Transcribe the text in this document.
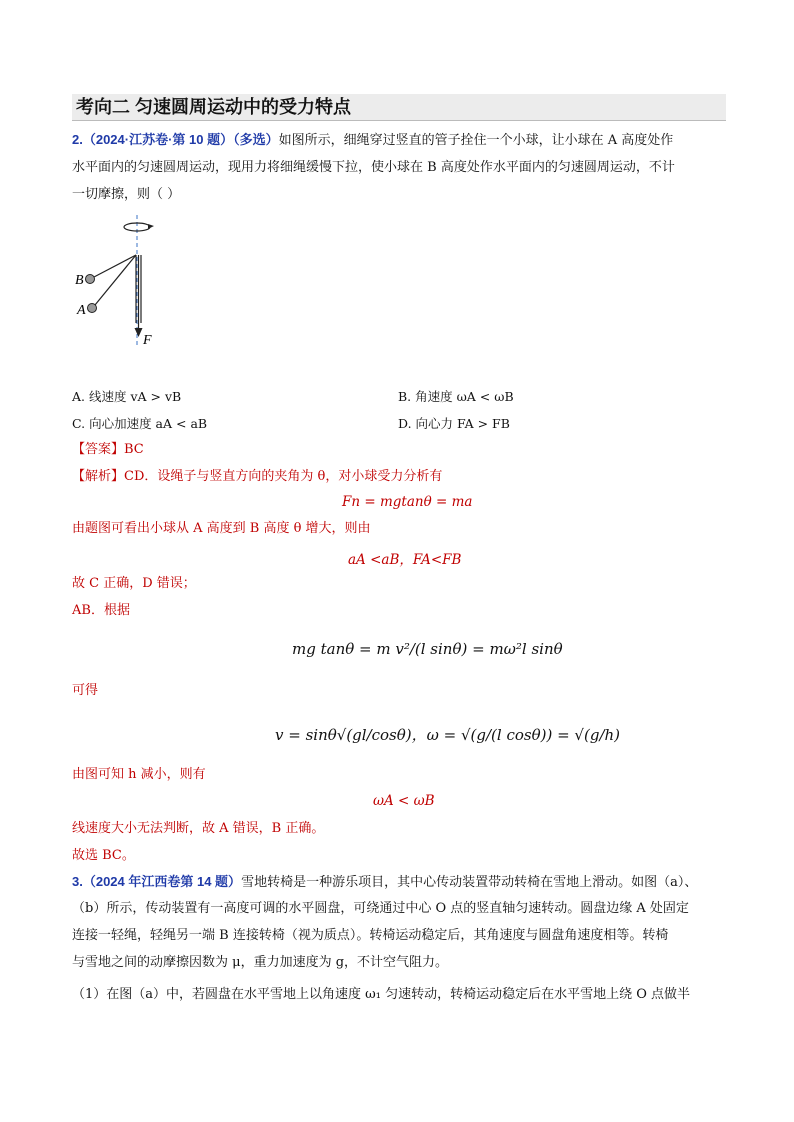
考向二 匀速圆周运动中的受力特点
2.（2024·江苏卷·第 10 题）（多选）如图所示，细绳穿过竖直的管子拴住一个小球，让小球在 A 高度处作
水平面内的匀速圆周运动，现用力将细绳缓慢下拉，使小球在 B 高度处作水平面内的匀速圆周运动，不计
一切摩擦，则（ ）
B
A
F
A. 线速度 vA > vB	B. 角速度 ωA < ωB
C. 向心加速度 aA < aB	D. 向心力 FA > FB
【答案】BC
【解析】CD．设绳子与竖直方向的夹角为 θ，对小球受力分析有
Fn = mgtanθ = ma
由题图可看出小球从 A 高度到 B 高度 θ 增大，则由
aA <aB，FA<FB
故 C 正确，D 错误；
AB．根据
mg tanθ = m v²/(l sinθ) = mω²l sinθ
可得
v = sinθ√(gl/cosθ)，ω = √(g/(l cosθ)) = √(g/h)
由图可知 h 减小，则有
ωA < ωB
线速度大小无法判断，故 A 错误，B 正确。
故选 BC。
3.（2024 年江西卷第 14 题）雪地转椅是一种游乐项目，其中心传动装置带动转椅在雪地上滑动。如图（a）、
（b）所示，传动装置有一高度可调的水平圆盘，可绕通过中心 O 点的竖直轴匀速转动。圆盘边缘 A 处固定
连接一轻绳，轻绳另一端 B 连接转椅（视为质点）。转椅运动稳定后，其角速度与圆盘角速度相等。转椅
与雪地之间的动摩擦因数为 μ，重力加速度为 g，不计空气阻力。
（1）在图（a）中，若圆盘在水平雪地上以角速度 ω₁ 匀速转动，转椅运动稳定后在水平雪地上绕 O 点做半
